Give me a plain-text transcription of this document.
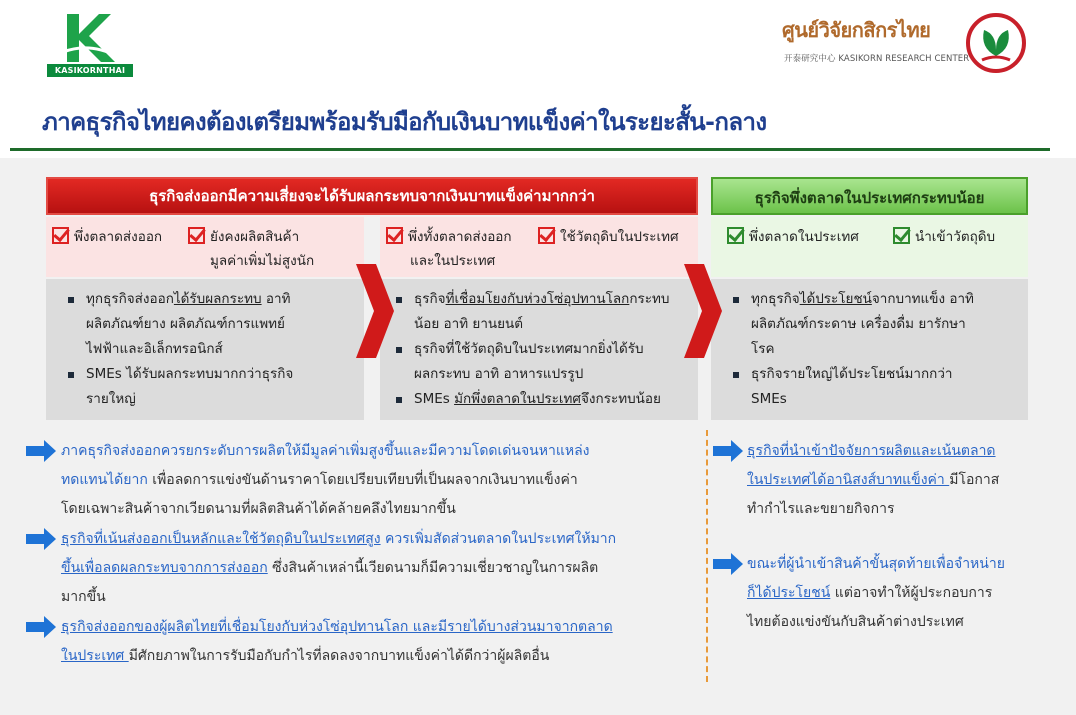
KASIKORNTHAI
ศูนย์วิจัยกสิกรไทย
开泰研究中心 KASIKORN RESEARCH CENTER
ภาคธุรกิจไทยคงต้องเตรียมพร้อมรับมือกับเงินบาทแข็งค่าในระยะสั้น-กลาง
ธุรกิจส่งออกมีความเสี่ยงจะได้รับผลกระทบจากเงินบาทแข็งค่ามากกว่า	ธุรกิจพึ่งตลาดในประเทศกระทบน้อย
พึ่งตลาดส่งออก	ยังคงผลิตสินค้า
มูลค่าเพิ่มไม่สูงนัก
พึ่งทั้งตลาดส่งออก
และในประเทศ
ใช้วัตถุดิบในประเทศ	พึ่งตลาดในประเทศ	นำเข้าวัตถุดิบ
ทุกธุรกิจส่งออกได้รับผลกระทบ อาทิ
ผลิตภัณฑ์ยาง ผลิตภัณฑ์การแพทย์
ไฟฟ้าและอิเล็กทรอนิกส์
SMEs ได้รับผลกระทบมากกว่าธุรกิจ
รายใหญ่
ธุรกิจที่เชื่อมโยงกับห่วงโซ่อุปทานโลกกระทบ
น้อย อาทิ ยานยนต์
ธุรกิจที่ใช้วัตถุดิบในประเทศมากยิ่งได้รับ
ผลกระทบ อาทิ อาหารแปรรูป
SMEs มักพึ่งตลาดในประเทศจึงกระทบน้อย
ทุกธุรกิจได้ประโยชน์จากบาทแข็ง อาทิ
ผลิตภัณฑ์กระดาษ เครื่องดื่ม ยารักษา
โรค
ธุรกิจรายใหญ่ได้ประโยชน์มากกว่า
SMEs
ภาคธุรกิจส่งออกควรยกระดับการผลิตให้มีมูลค่าเพิ่มสูงขึ้นและมีความโดดเด่นจนหาแหล่ง
ทดแทนได้ยาก เพื่อลดการแข่งขันด้านราคาโดยเปรียบเทียบที่เป็นผลจากเงินบาทแข็งค่า
โดยเฉพาะสินค้าจากเวียดนามที่ผลิตสินค้าได้คล้ายคลึงไทยมากขึ้น
ธุรกิจที่เน้นส่งออกเป็นหลักและใช้วัตถุดิบในประเทศสูง ควรเพิ่มสัดส่วนตลาดในประเทศให้มาก
ขึ้นเพื่อลดผลกระทบจากการส่งออก ซึ่งสินค้าเหล่านี้เวียดนามก็มีความเชี่ยวชาญในการผลิต
มากขึ้น
ธุรกิจส่งออกของผู้ผลิตไทยที่เชื่อมโยงกับห่วงโซ่อุปทานโลก และมีรายได้บางส่วนมาจากตลาด
ในประเทศ มีศักยภาพในการรับมือกับกำไรที่ลดลงจากบาทแข็งค่าได้ดีกว่าผู้ผลิตอื่น
ธุรกิจที่นำเข้าปัจจัยการผลิตและเน้นตลาด
ในประเทศได้อานิสงส์บาทแข็งค่า มีโอกาส
ทำกำไรและขยายกิจการ
ขณะที่ผู้นำเข้าสินค้าขั้นสุดท้ายเพื่อจำหน่าย
ก็ได้ประโยชน์ แต่อาจทำให้ผู้ประกอบการ
ไทยต้องแข่งขันกับสินค้าต่างประเทศ
